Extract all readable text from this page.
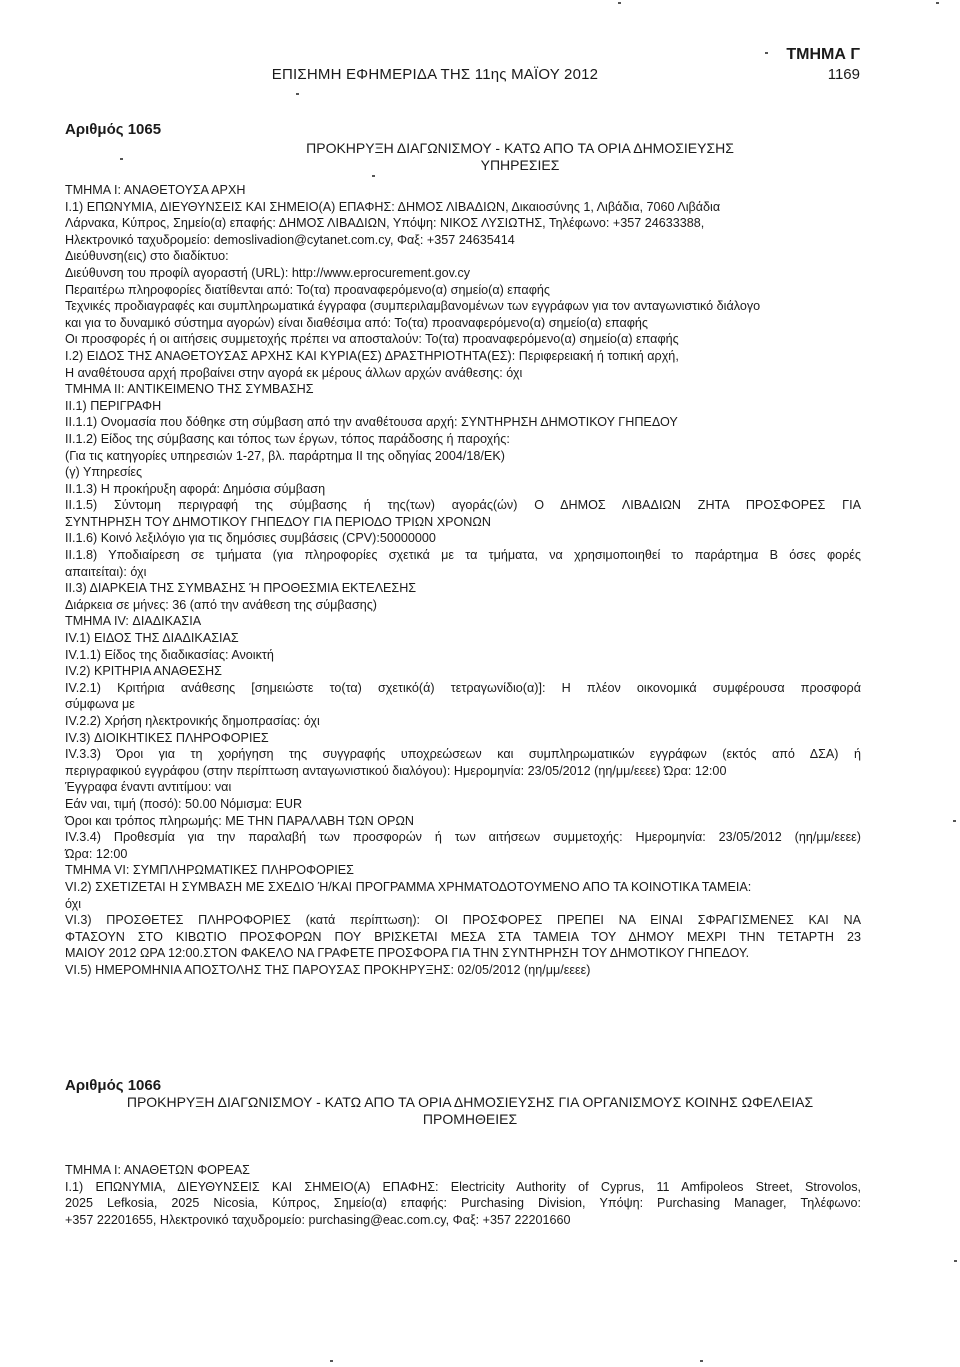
ΤΜΗΜΑ Γ
ΕΠΙΣΗΜΗ ΕΦΗΜΕΡΙΔΑ ΤΗΣ 11ης ΜΑΪΟΥ 2012	1169
Αριθμός 1065
ΠΡΟΚΗΡΥΞΗ ΔΙΑΓΩΝΙΣΜΟΥ - ΚΑΤΩ ΑΠΟ ΤΑ ΟΡΙΑ ΔΗΜΟΣΙΕΥΣΗΣ
ΥΠΗΡΕΣΙΕΣ
ΤΜΗΜΑ Ι: ΑΝΑΘΕΤΟΥΣΑ ΑΡΧΗ
Ι.1) ΕΠΩΝΥΜΙΑ, ΔΙΕΥΘΥΝΣΕΙΣ ΚΑΙ ΣΗΜΕΙΟ(Α) ΕΠΑΦΗΣ: ΔΗΜΟΣ ΛΙΒΑΔΙΩΝ, Δικαιοσύνης 1, Λιβάδια, 7060 Λιβάδια
Λάρνακα, Κύπρος, Σημείο(α) επαφής: ΔΗΜΟΣ ΛΙΒΑΔΙΩΝ, Υπόψη: ΝΙΚΟΣ ΛΥΣΙΩΤΗΣ, Τηλέφωνο: +357 24633388,
Ηλεκτρονικό ταχυδρομείο: demoslivadion@cytanet.com.cy, Φαξ: +357 24635414
Διεύθυνση(εις) στο διαδίκτυο:
Διεύθυνση του προφίλ αγοραστή (URL): http://www.eprocurement.gov.cy
Περαιτέρω πληροφορίες διατίθενται από: Το(τα) προαναφερόμενο(α) σημείο(α) επαφής
Τεχνικές προδιαγραφές και συμπληρωματικά έγγραφα (συμπεριλαμβανομένων των εγγράφων για τον ανταγωνιστικό διάλογο
και για το δυναμικό σύστημα αγορών) είναι διαθέσιμα από: Το(τα) προαναφερόμενο(α) σημείο(α) επαφής
Οι προσφορές ή οι αιτήσεις συμμετοχής πρέπει να αποσταλούν: Το(τα) προαναφερόμενο(α) σημείο(α) επαφής
Ι.2) ΕΙΔΟΣ ΤΗΣ ΑΝΑΘΕΤΟΥΣΑΣ ΑΡΧΗΣ ΚΑΙ ΚΥΡΙΑ(ΕΣ) ΔΡΑΣΤΗΡΙΟΤΗΤΑ(ΕΣ): Περιφερειακή ή τοπική αρχή,
Η αναθέτουσα αρχή προβαίνει στην αγορά εκ μέρους άλλων αρχών ανάθεσης: όχι
ΤΜΗΜΑ ΙΙ: ΑΝΤΙΚΕΙΜΕΝΟ ΤΗΣ ΣΥΜΒΑΣΗΣ
ΙΙ.1) ΠΕΡΙΓΡΑΦΗ
ΙΙ.1.1) Ονομασία που δόθηκε στη σύμβαση από την αναθέτουσα αρχή: ΣΥΝΤΗΡΗΣΗ ΔΗΜΟΤΙΚΟΥ ΓΗΠΕΔΟΥ
ΙΙ.1.2) Είδος της σύμβασης και τόπος των έργων, τόπος παράδοσης ή παροχής:
(Για τις κατηγορίες υπηρεσιών 1-27, βλ. παράρτημα ΙΙ της οδηγίας 2004/18/ΕΚ)
(γ) Υπηρεσίες
ΙΙ.1.3) Η προκήρυξη αφορά: Δημόσια σύμβαση
ΙΙ.1.5) Σύντομη περιγραφή της σύμβασης ή της(των) αγοράς(ών) Ο ΔΗΜΟΣ ΛΙΒΑΔΙΩΝ ΖΗΤΑ ΠΡΟΣΦΟΡΕΣ ΓΙΑ
ΣΥΝΤΗΡΗΣΗ ΤΟΥ ΔΗΜΟΤΙΚΟΥ ΓΗΠΕΔΟΥ ΓΙΑ ΠΕΡΙΟΔΟ ΤΡΙΩΝ ΧΡΟΝΩΝ
ΙΙ.1.6) Κοινό λεξιλόγιο για τις δημόσιες συμβάσεις (CPV):50000000
ΙΙ.1.8) Υποδιαίρεση σε τμήματα (για πληροφορίες σχετικά με τα τμήματα, να χρησιμοποιηθεί το παράρτημα Β όσες φορές
απαιτείται): όχι
ΙΙ.3) ΔΙΑΡΚΕΙΑ ΤΗΣ ΣΥΜΒΑΣΗΣ Ή ΠΡΟΘΕΣΜΙΑ ΕΚΤΕΛΕΣΗΣ
Διάρκεια σε μήνες: 36 (από την ανάθεση της σύμβασης)
ΤΜΗΜΑ ΙV: ΔΙΑΔΙΚΑΣΙΑ
IV.1) ΕΙΔΟΣ ΤΗΣ ΔΙΑΔΙΚΑΣΙΑΣ
IV.1.1) Είδος της διαδικασίας: Ανοικτή
IV.2) ΚΡΙΤΗΡΙΑ ΑΝΑΘΕΣΗΣ
IV.2.1) Κριτήρια ανάθεσης [σημειώστε το(τα) σχετικό(ά) τετραγωνίδιο(α)]: Η πλέον οικονομικά συμφέρουσα προσφορά
σύμφωνα με
IV.2.2) Χρήση ηλεκτρονικής δημοπρασίας: όχι
IV.3) ΔΙΟΙΚΗΤΙΚΕΣ ΠΛΗΡΟΦΟΡΙΕΣ
IV.3.3) Όροι για τη χορήγηση της συγγραφής υποχρεώσεων και συμπληρωματικών εγγράφων (εκτός από ΔΣΑ) ή
περιγραφικού εγγράφου (στην περίπτωση ανταγωνιστικού διαλόγου): Ημερομηνία: 23/05/2012 (ηη/μμ/εεεε) Ώρα: 12:00
Έγγραφα έναντι αντιτίμου: ναι
Εάν ναι, τιμή (ποσό): 50.00 Νόμισμα: EUR
Όροι και τρόπος πληρωμής: ΜΕ ΤΗΝ ΠΑΡΑΛΑΒΗ ΤΩΝ ΟΡΩΝ
IV.3.4) Προθεσμία για την παραλαβή των προσφορών ή των αιτήσεων συμμετοχής: Ημερομηνία: 23/05/2012 (ηη/μμ/εεεε)
Ώρα: 12:00
ΤΜΗΜΑ VI: ΣΥΜΠΛΗΡΩΜΑΤΙΚΕΣ ΠΛΗΡΟΦΟΡΙΕΣ
VI.2) ΣΧΕΤΙΖΕΤΑΙ Η ΣΥΜΒΑΣΗ ΜΕ ΣΧΕΔΙΟ Ή/ΚΑΙ ΠΡΟΓΡΑΜΜΑ ΧΡΗΜΑΤΟΔΟΤΟΥΜΕΝΟ ΑΠΟ ΤΑ ΚΟΙΝΟΤΙΚΑ ΤΑΜΕΙΑ:
όχι
VI.3) ΠΡΟΣΘΕΤΕΣ ΠΛΗΡΟΦΟΡΙΕΣ (κατά περίπτωση): ΟΙ ΠΡΟΣΦΟΡΕΣ ΠΡΕΠΕΙ ΝΑ ΕΙΝΑΙ ΣΦΡΑΓΙΣΜΕΝΕΣ ΚΑΙ ΝΑ
ΦΤΑΣΟΥΝ ΣΤΟ ΚΙΒΩΤΙΟ ΠΡΟΣΦΟΡΩΝ ΠΟΥ ΒΡΙΣΚΕΤΑΙ ΜΕΣΑ ΣΤΑ ΤΑΜΕΙΑ ΤΟΥ ΔΗΜΟΥ ΜΕΧΡΙ ΤΗΝ ΤΕΤΑΡΤΗ 23
ΜΑΙΟΥ 2012 ΩΡΑ 12:00.ΣΤΟΝ ΦΑΚΕΛΟ ΝΑ ΓΡΑΦΕΤΕ ΠΡΟΣΦΟΡΑ ΓΙΑ ΤΗΝ ΣΥΝΤΗΡΗΣΗ ΤΟΥ ΔΗΜΟΤΙΚΟΥ ΓΗΠΕΔΟΥ.
VI.5) ΗΜΕΡΟΜΗΝΙΑ ΑΠΟΣΤΟΛΗΣ ΤΗΣ ΠΑΡΟΥΣΑΣ ΠΡΟΚΗΡΥΞΗΣ: 02/05/2012 (ηη/μμ/εεεε)
Αριθμός 1066
ΠΡΟΚΗΡΥΞΗ ΔΙΑΓΩΝΙΣΜΟΥ - ΚΑΤΩ ΑΠΟ ΤΑ ΟΡΙΑ ΔΗΜΟΣΙΕΥΣΗΣ ΓΙΑ ΟΡΓΑΝΙΣΜΟΥΣ ΚΟΙΝΗΣ ΩΦΕΛΕΙΑΣ
ΠΡΟΜΗΘΕΙΕΣ
ΤΜΗΜΑ Ι: ΑΝΑΘΕΤΩΝ ΦΟΡΕΑΣ
Ι.1) ΕΠΩΝΥΜΙΑ, ΔΙΕΥΘΥΝΣΕΙΣ ΚΑΙ ΣΗΜΕΙΟ(Α) ΕΠΑΦΗΣ: Electricity Authority of Cyprus, 11 Amfipoleos Street, Strovolos,
2025 Lefkosia, 2025 Nicosia, Κύπρος, Σημείο(α) επαφής: Purchasing Division, Υπόψη: Purchasing Manager, Τηλέφωνο:
+357 22201655, Ηλεκτρονικό ταχυδρομείο: purchasing@eac.com.cy, Φαξ: +357 22201660
